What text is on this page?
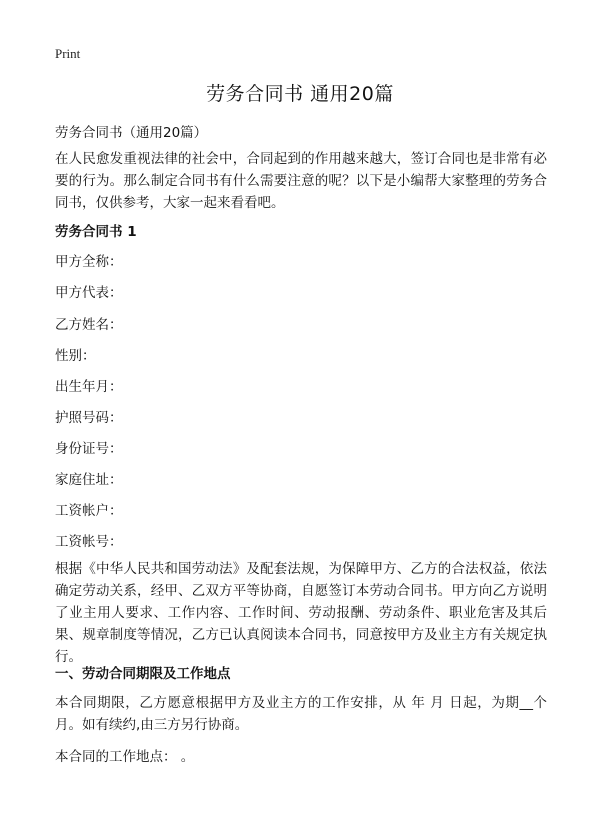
Print
劳务合同书 通用20篇
劳务合同书（通用20篇）
在人民愈发重视法律的社会中，合同起到的作用越来越大，签订合同也是非常有必要的行为。那么制定合同书有什么需要注意的呢？以下是小编帮大家整理的劳务合同书，仅供参考，大家一起来看看吧。
劳务合同书 1
甲方全称：
甲方代表：
乙方姓名：
性别：
出生年月：
护照号码：
身份证号：
家庭住址：
工资帐户：
工资帐号：
根据《中华人民共和国劳动法》及配套法规，为保障甲方、乙方的合法权益，依法确定劳动关系，经甲、乙双方平等协商，自愿签订本劳动合同书。甲方向乙方说明了业主用人要求、工作内容、工作时间、劳动报酬、劳动条件、职业危害及其后果、规章制度等情况，乙方已认真阅读本合同书，同意按甲方及业主方有关规定执行。
一、劳动合同期限及工作地点
本合同期限，乙方愿意根据甲方及业主方的工作安排，从 年 月 日起，为期__个月。如有续约,由三方另行协商。
本合同的工作地点： 。
